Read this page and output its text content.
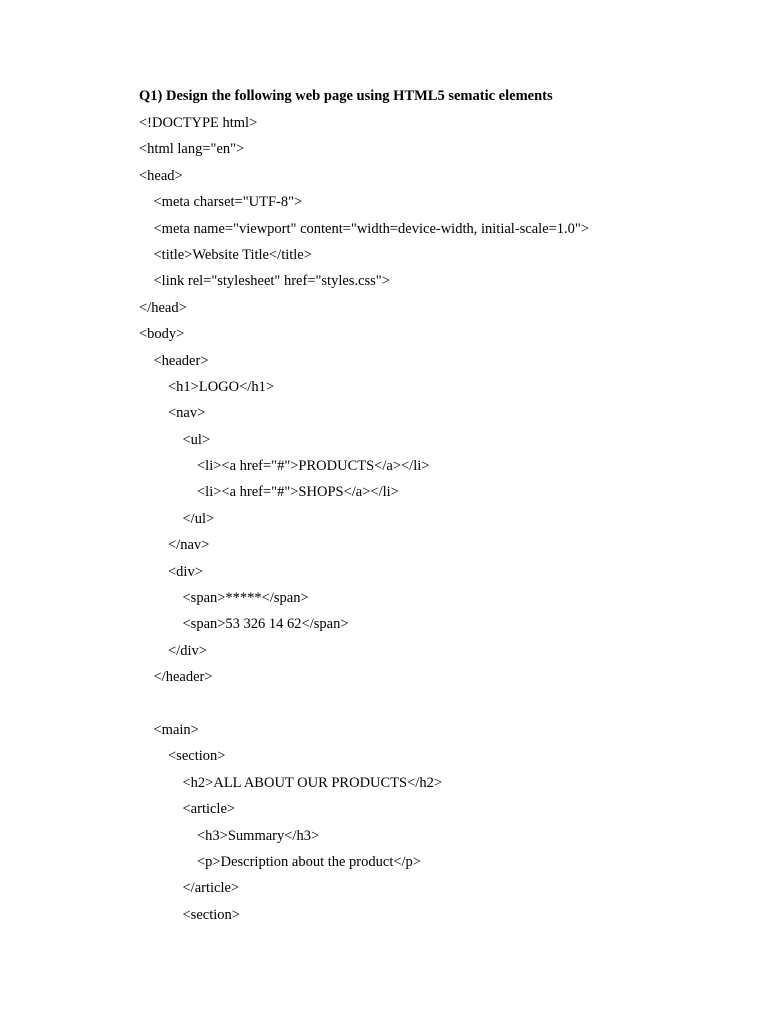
Q1) Design the following web page using HTML5 sematic elements
<!DOCTYPE html>
<html lang="en">
<head>
<meta charset="UTF-8">
<meta name="viewport" content="width=device-width, initial-scale=1.0">
<title>Website Title</title>
<link rel="stylesheet" href="styles.css">
</head>
<body>
<header>
<h1>LOGO</h1>
<nav>
<ul>
<li><a href="#">PRODUCTS</a></li>
<li><a href="#">SHOPS</a></li>
</ul>
</nav>
<div>
<span>*****</span>
<span>53 326 14 62</span>
</div>
</header>
<main>
<section>
<h2>ALL ABOUT OUR PRODUCTS</h2>
<article>
<h3>Summary</h3>
<p>Description about the product</p>
</article>
<section>
